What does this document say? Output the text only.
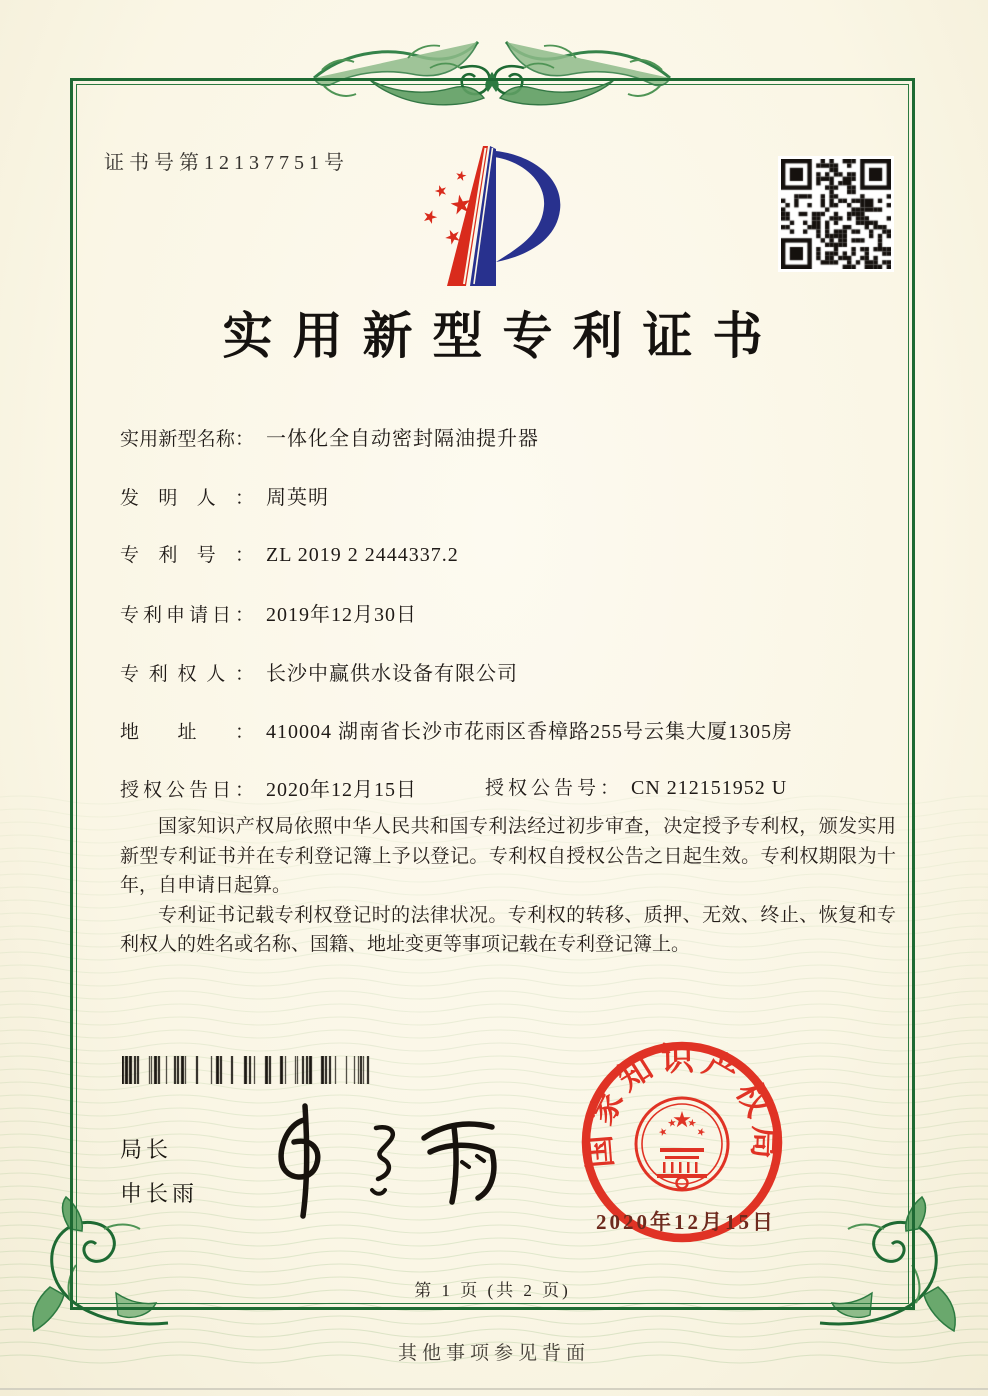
证书号第12137751号
实用新型专利证书
实用新型名称： 一体化全自动密封隔油提升器
发明人： 周英明
专利号： ZL 2019 2 2444337.2
专利申请日： 2019年12月30日
专利权人： 长沙中赢供水设备有限公司
地址： 410004 湖南省长沙市花雨区香樟路255号云集大厦1305房
授权公告日： 2020年12月15日	授权公告号： CN 212151952 U

国家知识产权局依照中华人民共和国专利法经过初步审查，决定授予专利权，颁发实用新型专利证书并在专利登记簿上予以登记。专利权自授权公告之日起生效。专利权期限为十年，自申请日起算。

专利证书记载专利权登记时的法律状况。专利权的转移、质押、无效、终止、恢复和专利权人的姓名或名称、国籍、地址变更等事项记载在专利登记簿上。

局长
申长雨
国家知识产权局
2020年12月15日
第 1 页 (共 2 页)
其他事项参见背面
